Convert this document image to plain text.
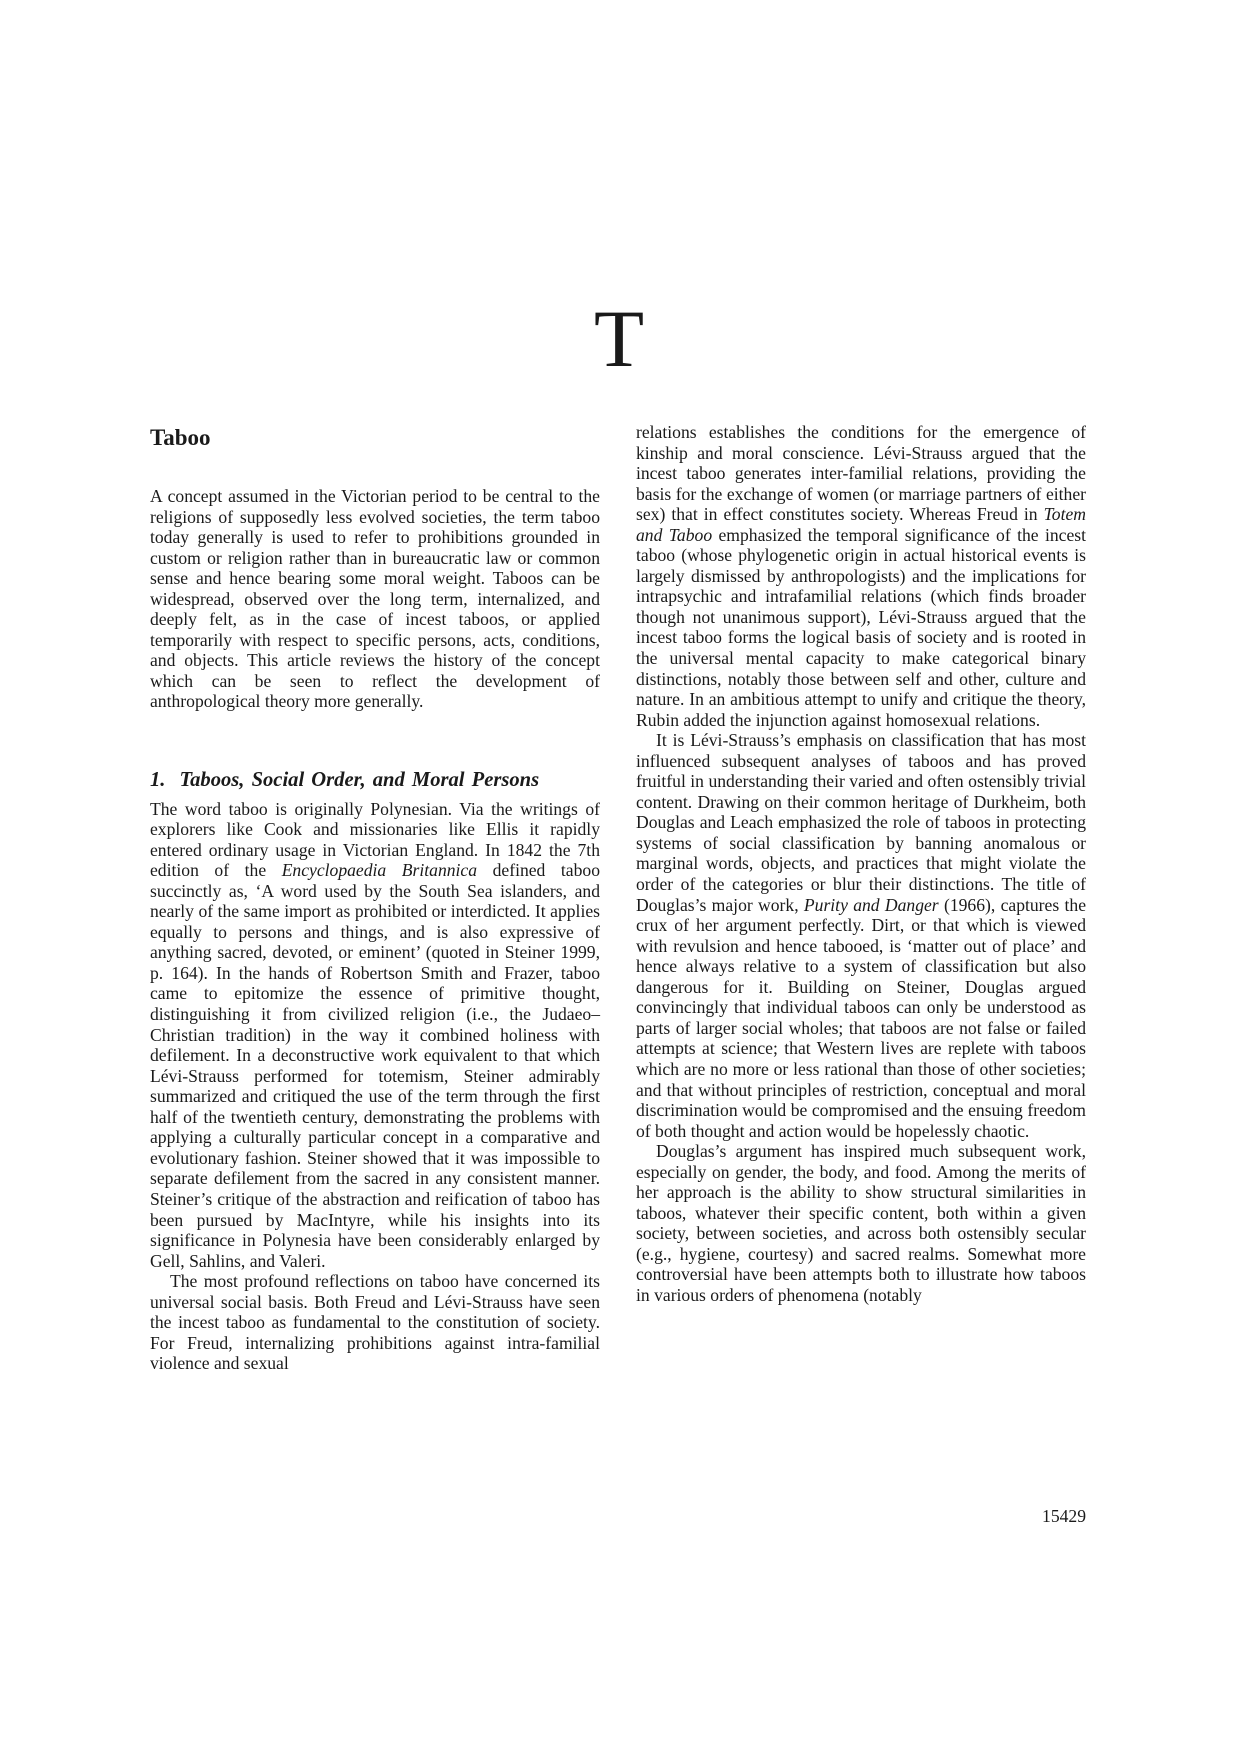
T
Taboo

A concept assumed in the Victorian period to be central to the religions of supposedly less evolved societies, the term taboo today generally is used to refer to prohibitions grounded in custom or religion rather than in bureaucratic law or common sense and hence bearing some moral weight. Taboos can be widespread, observed over the long term, internalized, and deeply felt, as in the case of incest taboos, or applied temporarily with respect to specific persons, acts, conditions, and objects. This article reviews the history of the concept which can be seen to reflect the development of anthropological theory more generally.

1. Taboos, Social Order, and Moral Persons

The word taboo is originally Polynesian. Via the writings of explorers like Cook and missionaries like Ellis it rapidly entered ordinary usage in Victorian England. In 1842 the 7th edition of the Encyclopaedia Britannica defined taboo succinctly as, ‘A word used by the South Sea islanders, and nearly of the same import as prohibited or interdicted. It applies equally to persons and things, and is also expressive of anything sacred, devoted, or eminent’ (quoted in Steiner 1999, p. 164). In the hands of Robertson Smith and Frazer, taboo came to epitomize the essence of primitive thought, distinguishing it from civilized religion (i.e., the Judaeo–Christian tradition) in the way it combined holiness with defilement. In a deconstructive work equivalent to that which Lévi-Strauss performed for totemism, Steiner admirably summarized and critiqued the use of the term through the first half of the twentieth century, demonstrating the problems with applying a culturally particular concept in a comparative and evolutionary fashion. Steiner showed that it was impossible to separate defilement from the sacred in any consistent manner. Steiner’s critique of the abstraction and reification of taboo has been pursued by MacIntyre, while his insights into its significance in Polynesia have been considerably enlarged by Gell, Sahlins, and Valeri.

The most profound reflections on taboo have concerned its universal social basis. Both Freud and Lévi-Strauss have seen the incest taboo as fundamental to the constitution of society. For Freud, internalizing prohibitions against intra-familial violence and sexual

relations establishes the conditions for the emergence of kinship and moral conscience. Lévi-Strauss argued that the incest taboo generates inter-familial relations, providing the basis for the exchange of women (or marriage partners of either sex) that in effect constitutes society. Whereas Freud in Totem and Taboo emphasized the temporal significance of the incest taboo (whose phylogenetic origin in actual historical events is largely dismissed by anthropologists) and the implications for intrapsychic and intrafamilial relations (which finds broader though not unanimous support), Lévi-Strauss argued that the incest taboo forms the logical basis of society and is rooted in the universal mental capacity to make categorical binary distinctions, notably those between self and other, culture and nature. In an ambitious attempt to unify and critique the theory, Rubin added the injunction against homosexual relations.

It is Lévi-Strauss’s emphasis on classification that has most influenced subsequent analyses of taboos and has proved fruitful in understanding their varied and often ostensibly trivial content. Drawing on their common heritage of Durkheim, both Douglas and Leach emphasized the role of taboos in protecting systems of social classification by banning anomalous or marginal words, objects, and practices that might violate the order of the categories or blur their distinctions. The title of Douglas’s major work, Purity and Danger (1966), captures the crux of her argument perfectly. Dirt, or that which is viewed with revulsion and hence tabooed, is ‘matter out of place’ and hence always relative to a system of classification but also dangerous for it. Building on Steiner, Douglas argued convincingly that individual taboos can only be understood as parts of larger social wholes; that taboos are not false or failed attempts at science; that Western lives are replete with taboos which are no more or less rational than those of other societies; and that without principles of restriction, conceptual and moral discrimination would be compromised and the ensuing freedom of both thought and action would be hopelessly chaotic.

Douglas’s argument has inspired much subsequent work, especially on gender, the body, and food. Among the merits of her approach is the ability to show structural similarities in taboos, whatever their specific content, both within a given society, between societies, and across both ostensibly secular (e.g., hygiene, courtesy) and sacred realms. Somewhat more controversial have been attempts both to illustrate how taboos in various orders of phenomena (notably

15429
